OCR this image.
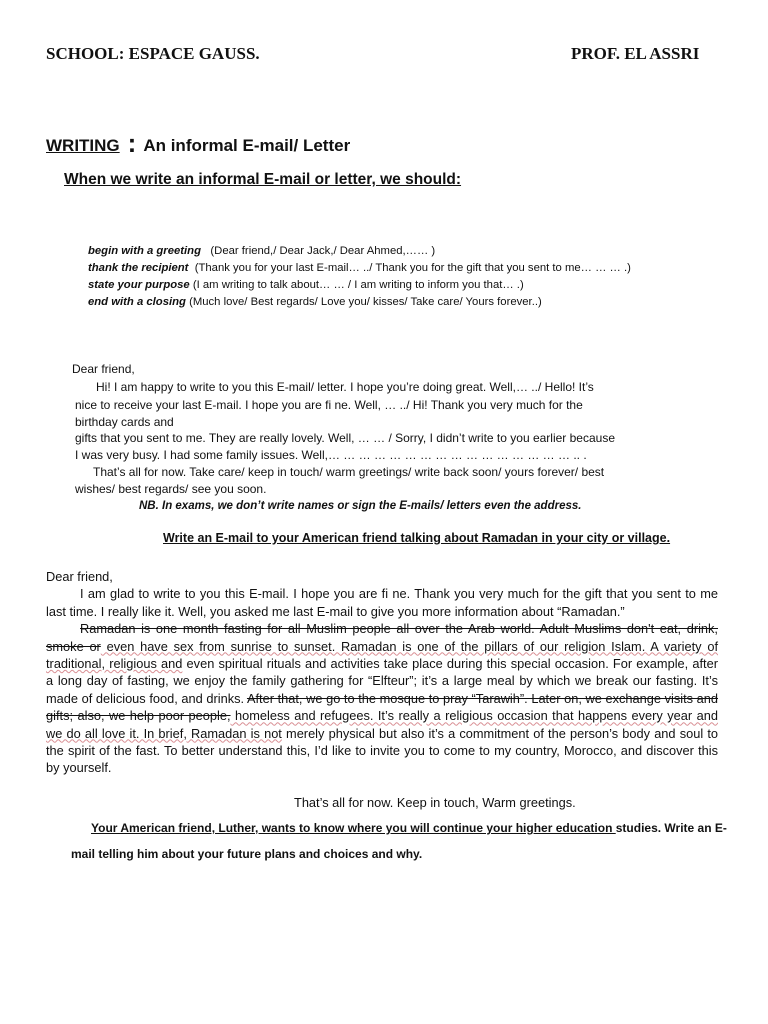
SCHOOL: ESPACE GAUSS.	PROF. EL ASSRI
WRITING : An informal E-mail/ Letter
When we write an informal E-mail or letter, we should:
begin with a greeting (Dear friend,/ Dear Jack,/ Dear Ahmed,…… )
thank the recipient (Thank you for your last E-mail… ../ Thank you for the gift that you sent to me… … … .)
state your purpose (I am writing to talk about… … / I am writing to inform you that… .)
end with a closing (Much love/ Best regards/ Love you/ kisses/ Take care/ Yours forever..)
Dear friend,
Hi! I am happy to write to you this E-mail/ letter. I hope you’re doing great. Well,… ../ Hello! It’s
nice to receive your last E-mail. I hope you are fi ne. Well, … ../ Hi! Thank you very much for the
birthday cards and
gifts that you sent to me. They are really lovely. Well, … … / Sorry, I didn’t write to you earlier because
I was very busy. I had some family issues. Well,… … … … … … … … … … … … … … … … .. .
That’s all for now. Take care/ keep in touch/ warm greetings/ write back soon/ yours forever/ best
wishes/ best regards/ see you soon.
NB. In exams, we don’t write names or sign the E-mails/ letters even the address.
Write an E-mail to your American friend talking about Ramadan in your city or village.

Dear friend,

I am glad to write to you this E-mail. I hope you are fi ne. Thank you very much for the gift that you sent to me last time. I really like it. Well, you asked me last E-mail to give you more information about “Ramadan.”

Ramadan is one month fasting for all Muslim people all over the Arab world. Adult Muslims don't eat, drink, smoke or even have sex from sunrise to sunset. Ramadan is one of the pillars of our religion Islam. A variety of traditional, religious and even spiritual rituals and activities take place during this special occasion. For example, after a long day of fasting, we enjoy the family gathering for “Elfteur”; it’s a large meal by which we break our fasting. It’s made of delicious food, and drinks. After that, we go to the mosque to pray “Tarawih”. Later on, we exchange visits and gifts; also, we help poor people, homeless and refugees. It’s really a religious occasion that happens every year and we do all love it. In brief, Ramadan is not merely physical but also it’s a commitment of the person’s body and soul to the spirit of the fast. To better understand this, I’d like to invite you to come to my country, Morocco, and discover this by yourself.

That’s all for now. Keep in touch, Warm greetings.
Your American friend, Luther, wants to know where you will continue your higher education studies. Write an E-
mail telling him about your future plans and choices and why.
